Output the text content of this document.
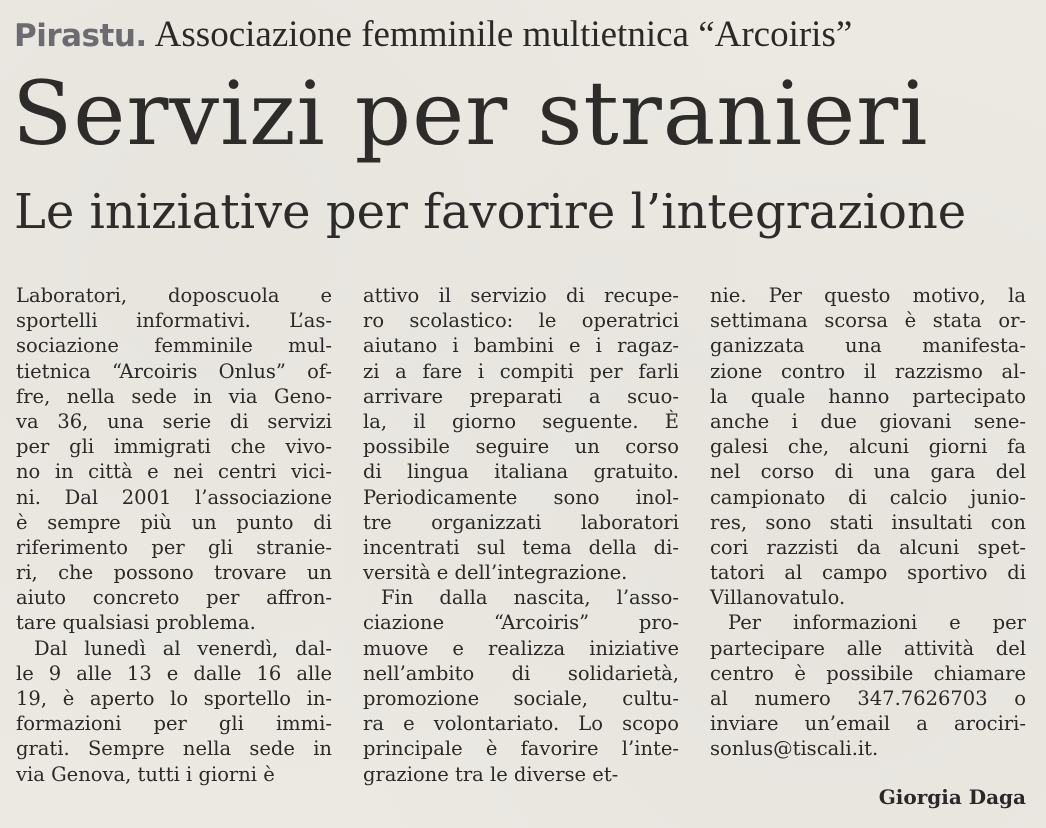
Pirastu. Associazione femminile multietnica “Arcoiris”
Servizi per stranieri
Le iniziative per favorire l’integrazione
Laboratori, doposcuola e
sportelli informativi. L’as-
sociazione femminile mul-
tietnica “Arcoiris Onlus” of-
fre, nella sede in via Geno-
va 36, una serie di servizi
per gli immigrati che vivo-
no in città e nei centri vici-
ni. Dal 2001 l’associazione
è sempre più un punto di
riferimento per gli stranie-
ri, che possono trovare un
aiuto concreto per affron-
tare qualsiasi problema.
Dal lunedì al venerdì, dal-
le 9 alle 13 e dalle 16 alle
19, è aperto lo sportello in-
formazioni per gli immi-
grati. Sempre nella sede in
via Genova, tutti i giorni è
attivo il servizio di recupe-
ro scolastico: le operatrici
aiutano i bambini e i ragaz-
zi a fare i compiti per farli
arrivare preparati a scuo-
la, il giorno seguente. È
possibile seguire un corso
di lingua italiana gratuito.
Periodicamente sono inol-
tre organizzati laboratori
incentrati sul tema della di-
versità e dell’integrazione.
Fin dalla nascita, l’asso-
ciazione “Arcoiris” pro-
muove e realizza iniziative
nell’ambito di solidarietà,
promozione sociale, cultu-
ra e volontariato. Lo scopo
principale è favorire l’inte-
grazione tra le diverse et-
nie. Per questo motivo, la
settimana scorsa è stata or-
ganizzata una manifesta-
zione contro il razzismo al-
la quale hanno partecipato
anche i due giovani sene-
galesi che, alcuni giorni fa
nel corso di una gara del
campionato di calcio junio-
res, sono stati insultati con
cori razzisti da alcuni spet-
tatori al campo sportivo di
Villanovatulo.
Per informazioni e per
partecipare alle attività del
centro è possibile chiamare
al numero 347.7626703 o
inviare un’email a arociri-
sonlus@tiscali.it.
Giorgia Daga
